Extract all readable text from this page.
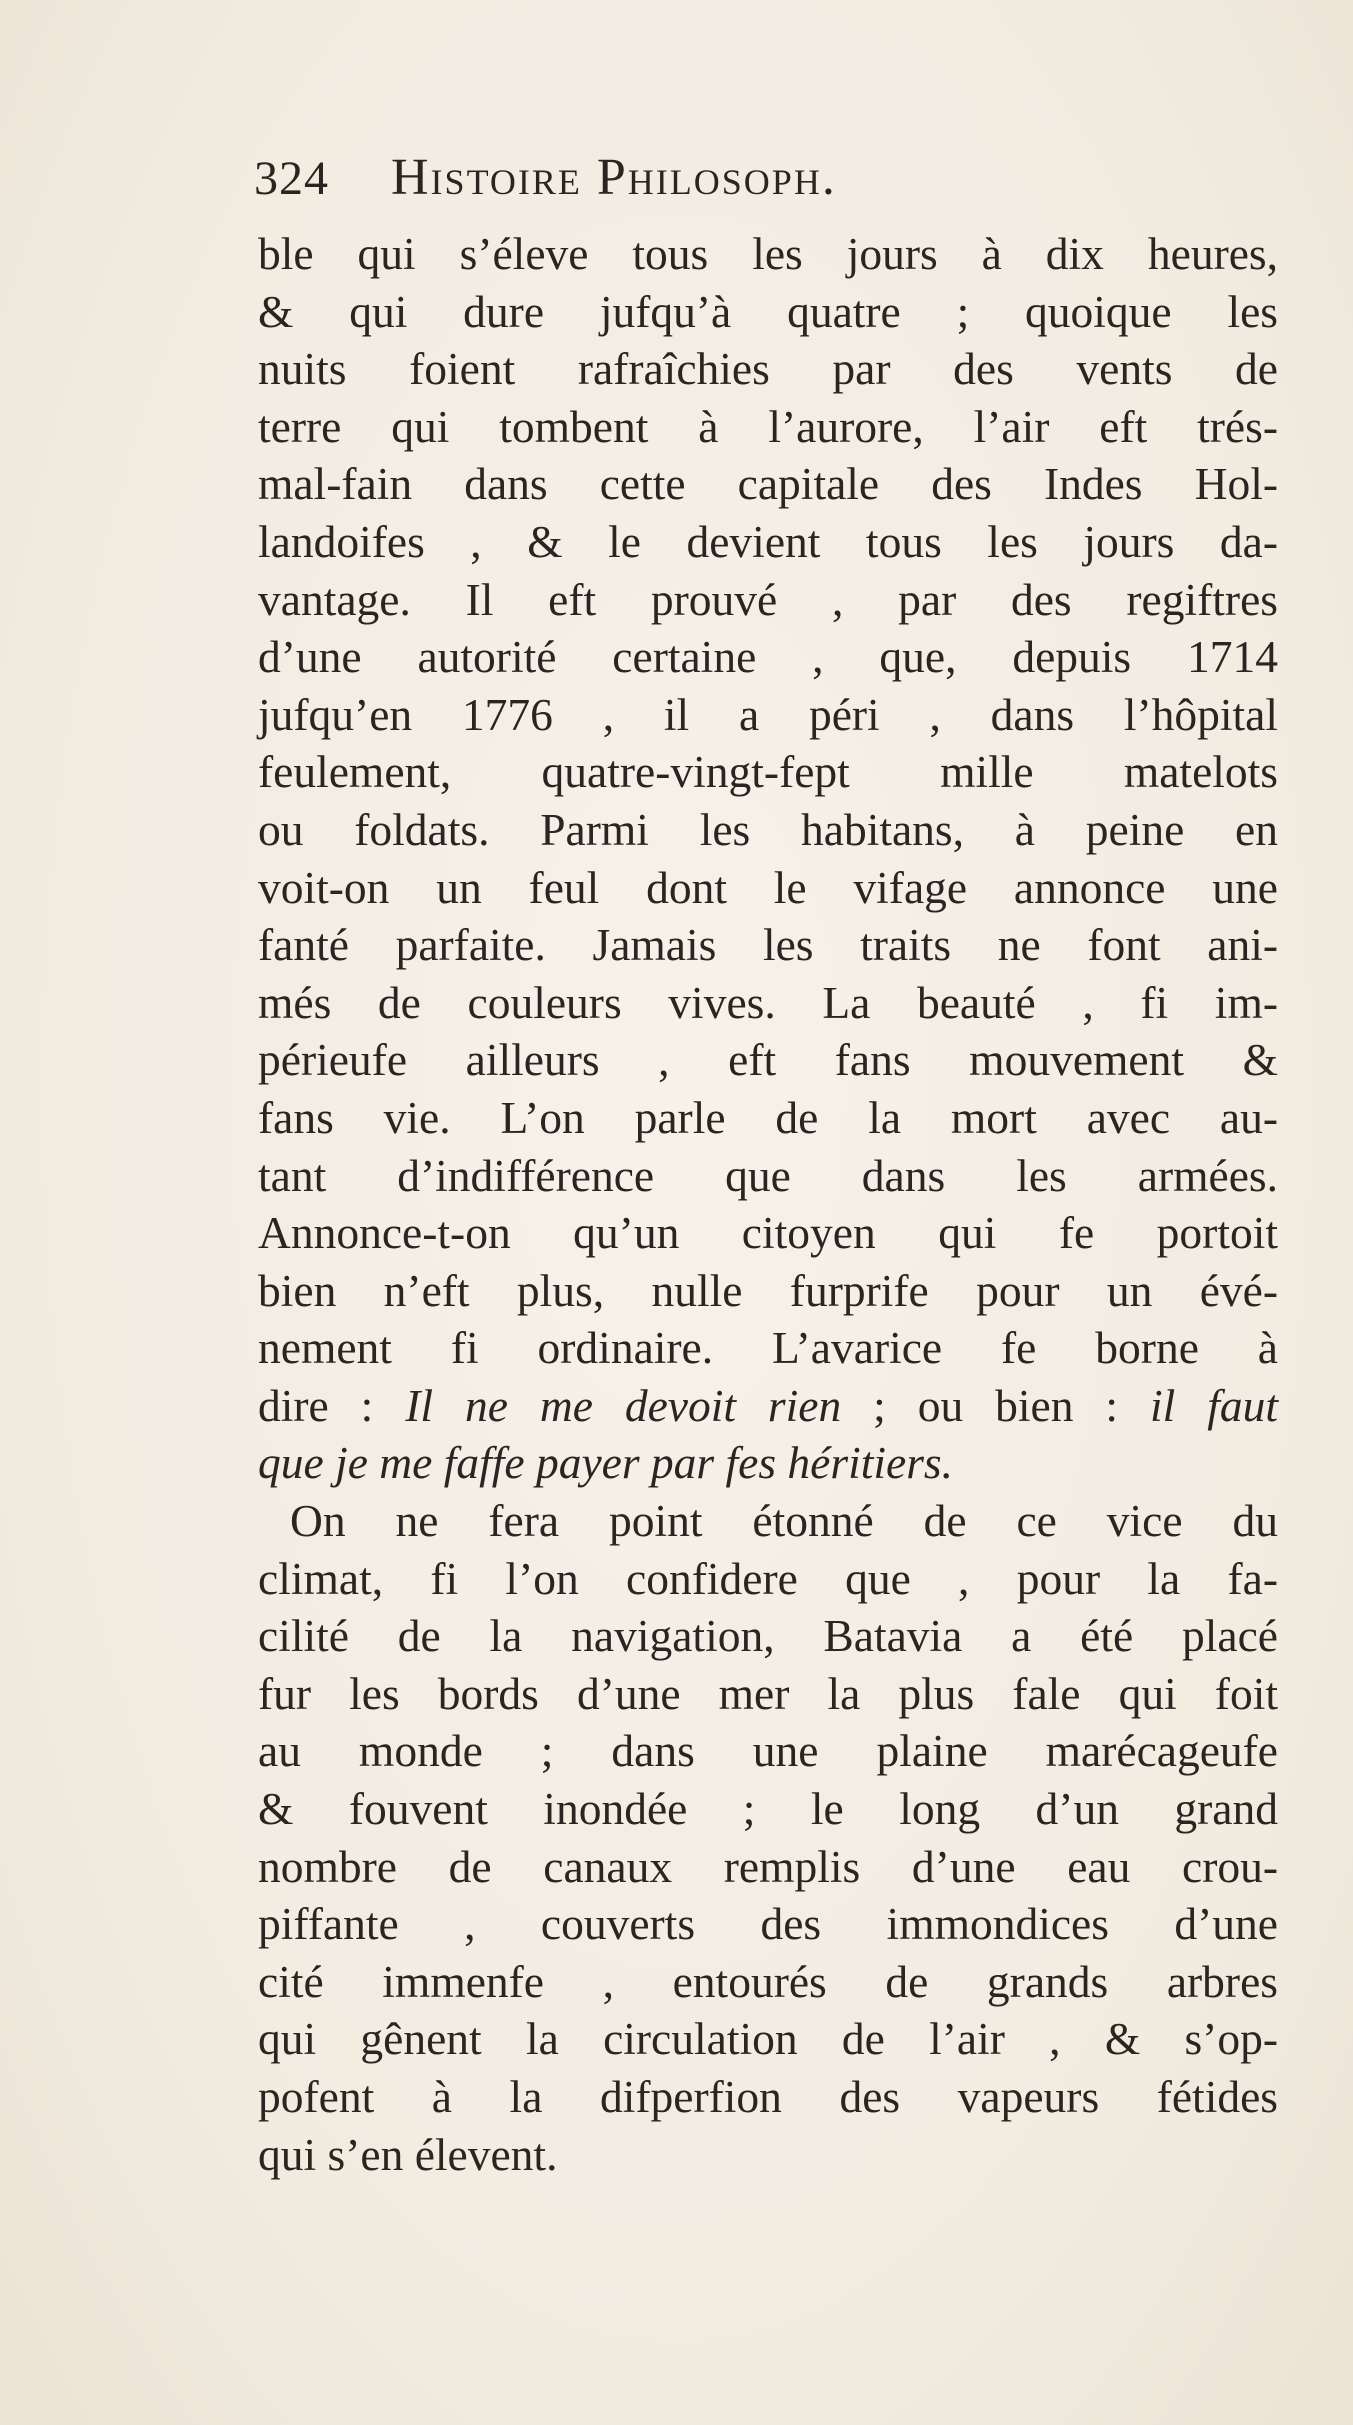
324 Histoire Philosoph.
ble qui s’éleve tous les jours à dix heures,
& qui dure jufqu’à quatre ; quoique les
nuits foient rafraîchies par des vents de
terre qui tombent à l’aurore, l’air eft trés-
mal-fain dans cette capitale des Indes Hol-
landoifes , & le devient tous les jours da-
vantage. Il eft prouvé , par des regiftres
d’une autorité certaine , que, depuis 1714
jufqu’en 1776 , il a péri , dans l’hôpital
feulement, quatre-vingt-fept mille matelots
ou foldats. Parmi les habitans, à peine en
voit-on un feul dont le vifage annonce une
fanté parfaite. Jamais les traits ne font ani-
més de couleurs vives. La beauté , fi im-
périeufe ailleurs , eft fans mouvement &
fans vie. L’on parle de la mort avec au-
tant d’indifférence que dans les armées.
Annonce-t-on qu’un citoyen qui fe portoit
bien n’eft plus, nulle furprife pour un évé-
nement fi ordinaire. L’avarice fe borne à
dire : Il ne me devoit rien ; ou bien : il faut
que je me faffe payer par fes héritiers.
On ne fera point étonné de ce vice du
climat, fi l’on confidere que , pour la fa-
cilité de la navigation, Batavia a été placé
fur les bords d’une mer la plus fale qui foit
au monde ; dans une plaine marécageufe
& fouvent inondée ; le long d’un grand
nombre de canaux remplis d’une eau crou-
piffante , couverts des immondices d’une
cité immenfe , entourés de grands arbres
qui gênent la circulation de l’air , & s’op-
pofent à la difperfion des vapeurs fétides
qui s’en élevent.
